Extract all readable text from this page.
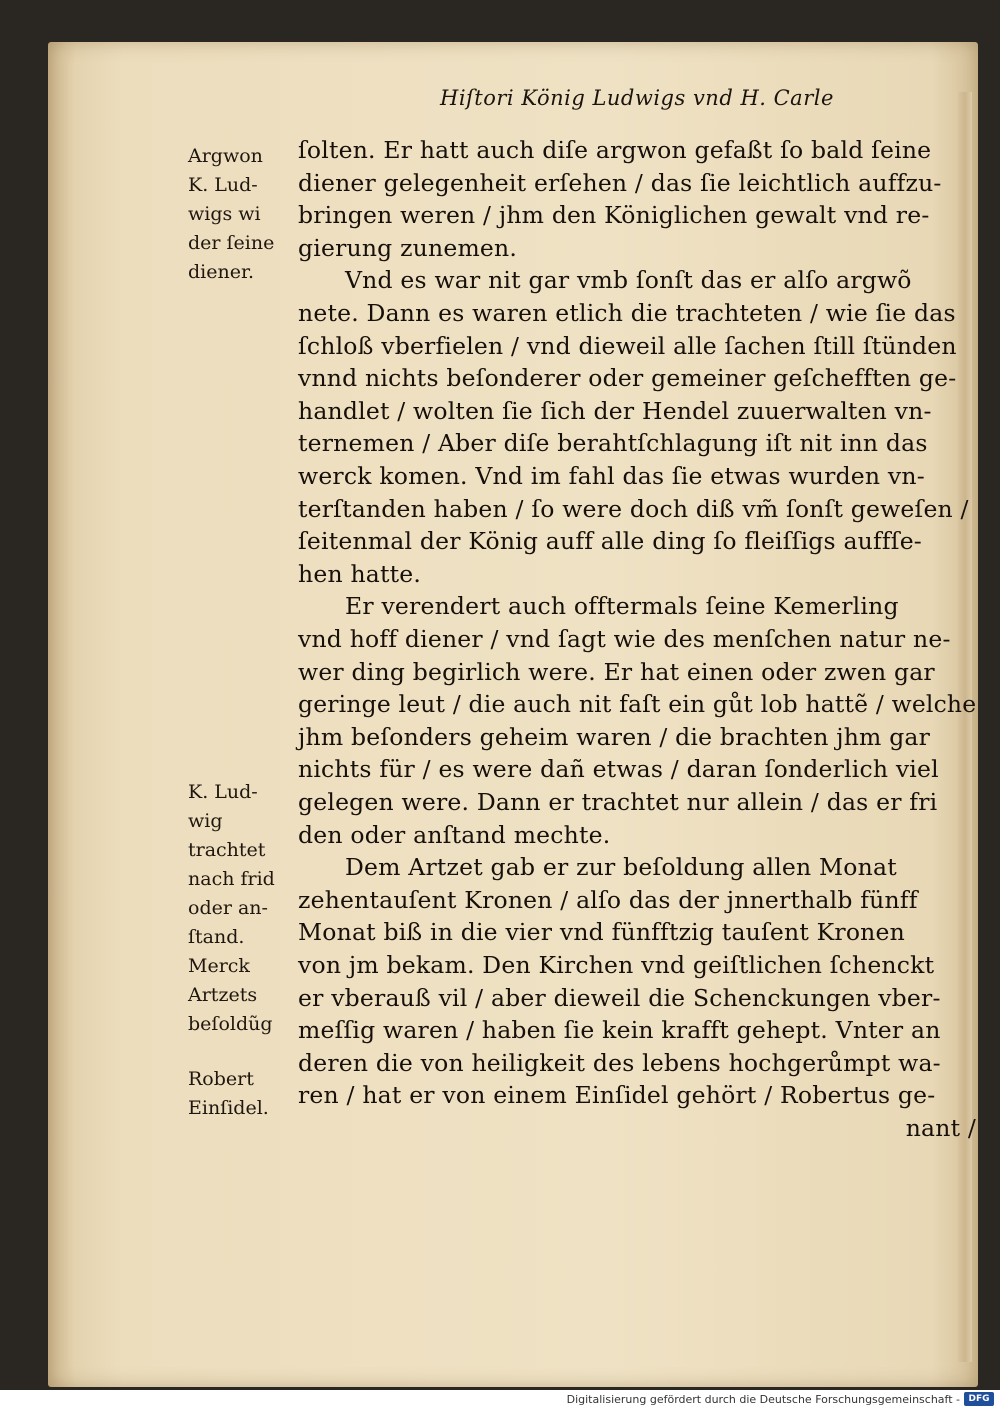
Hiſtori König Ludwigs vnd H. Carle
Argwon
K. Lud-
wigs wi
der ſeine
diener.
K. Lud-
wig
trachtet
nach frid
oder an-
ſtand.
Merck
Artzets
beſoldũg
Robert
Einſidel.
ſolten. Er hatt auch diſe argwon gefaßt ſo bald ſeine
diener gelegenheit erſehen / das ſie leichtlich auffzu-
bringen weren / jhm den Königlichen gewalt vnd re-
gierung zunemen.
Vnd es war nit gar vmb ſonſt das er alſo argwõ
nete. Dann es waren etlich die trachteten / wie ſie das
ſchloß vberfielen / vnd dieweil alle ſachen ſtill ſtünden
vnnd nichts beſonderer oder gemeiner geſchefften ge-
handlet / wolten ſie ſich der Hendel zuuerwalten vn-
ternemen / Aber diſe berahtſchlagung iſt nit inn das
werck komen. Vnd im fahl das ſie etwas wurden vn-
terſtanden haben / ſo were doch diß vm̃ ſonſt geweſen /
ſeitenmal der König auff alle ding ſo fleiſſigs auffſe-
hen hatte.
Er verendert auch offtermals ſeine Kemerling
vnd hoff diener / vnd ſagt wie des menſchen natur ne-
wer ding begirlich were. Er hat einen oder zwen gar
geringe leut / die auch nit faſt ein gůt lob hattẽ / welche
jhm beſonders geheim waren / die brachten jhm gar
nichts für / es were dañ etwas / daran ſonderlich viel
gelegen were. Dann er trachtet nur allein / das er fri
den oder anſtand mechte.
Dem Artzet gab er zur beſoldung allen Monat
zehentauſent Kronen / alſo das der jnnerthalb fünff
Monat biß in die vier vnd fünfftzig tauſent Kronen
von jm bekam. Den Kirchen vnd geiſtlichen ſchenckt
er vberauß vil / aber dieweil die Schenckungen vber-
meſſig waren / haben ſie kein krafft gehept. Vnter an
deren die von heiligkeit des lebens hochgerůmpt wa-
ren / hat er von einem Einſidel gehört / Robertus ge-
nant /
Digitalisierung gefördert durch die Deutsche Forschungsgemeinschaft - DFG
